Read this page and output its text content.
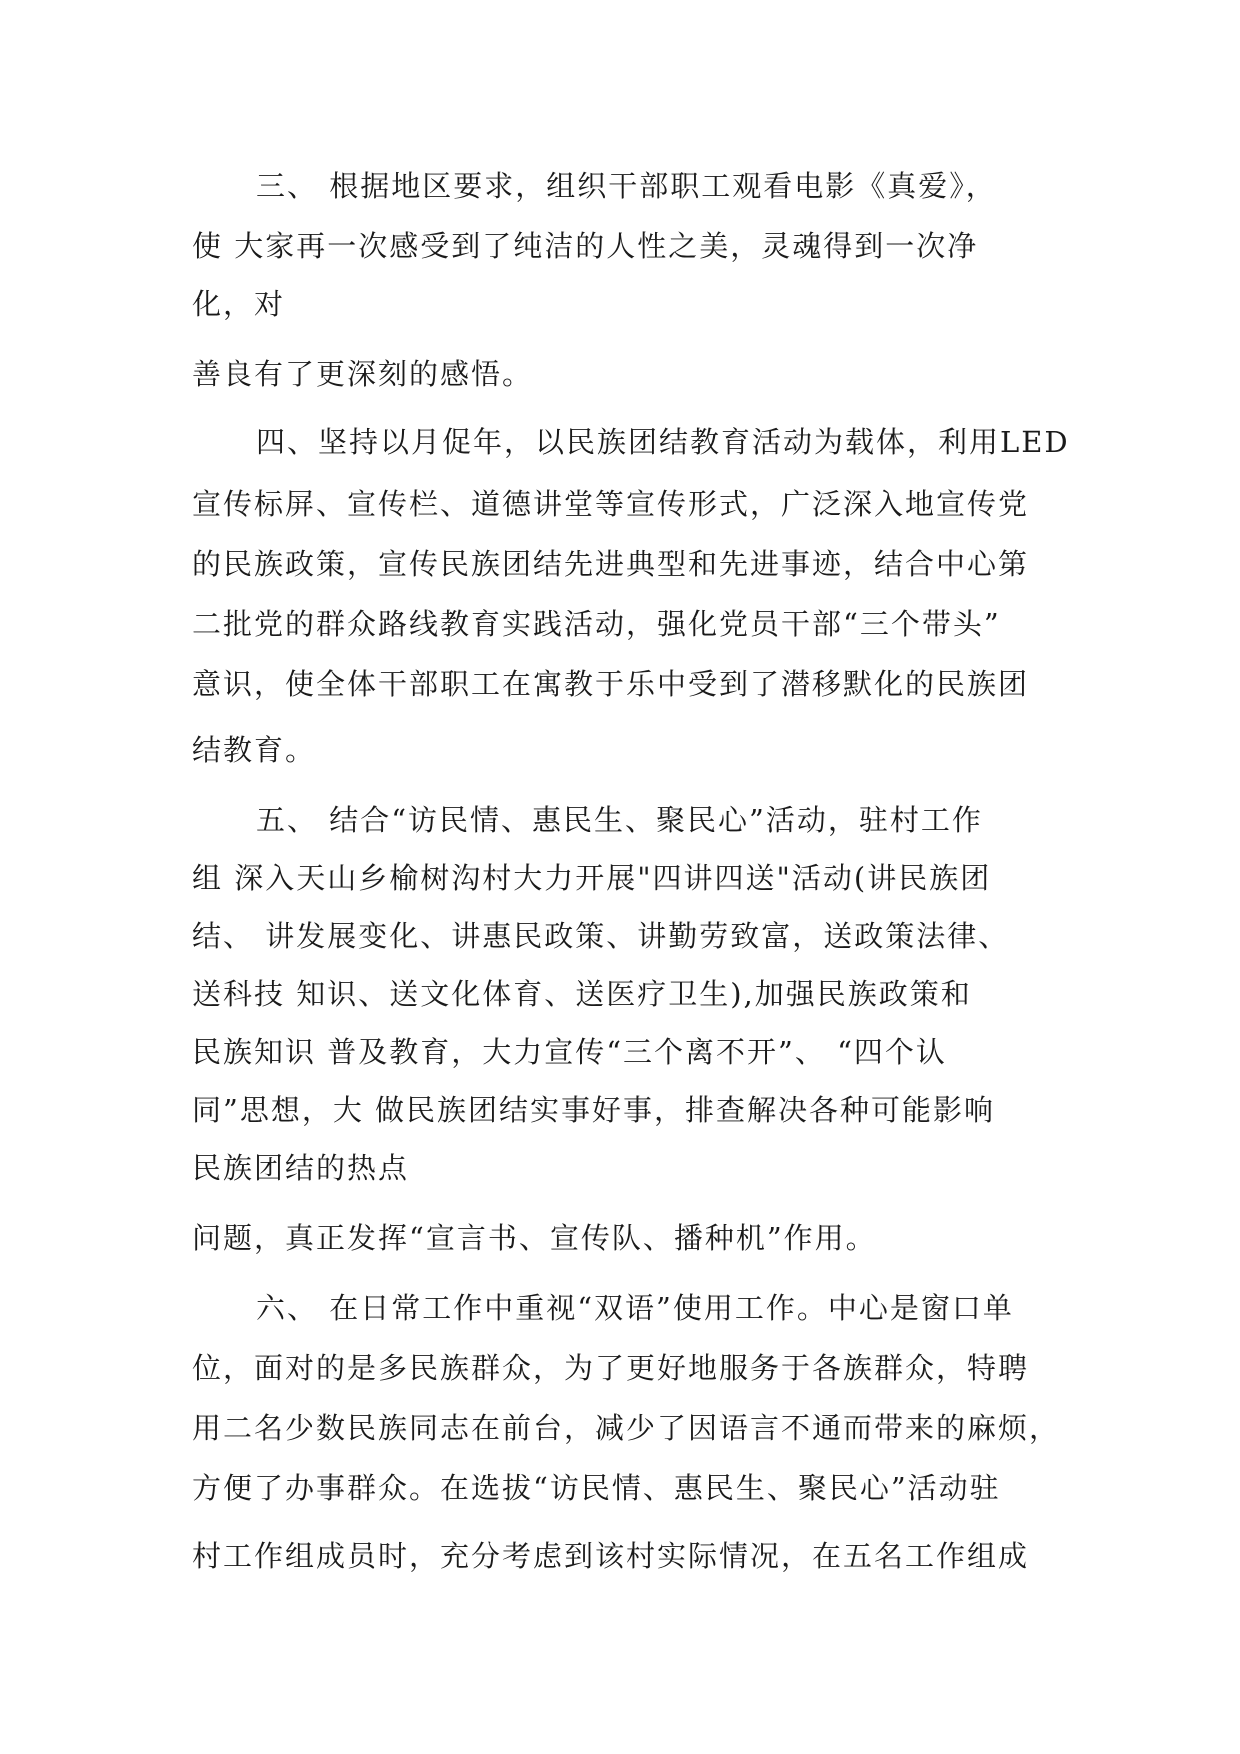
三、 根据地区要求，组织干部职工观看电影《真爱》，
使 大家再一次感受到了纯洁的人性之美，灵魂得到一次净
化，对
善良有了更深刻的感悟。
四、坚持以月促年，以民族团结教育活动为载体，利用LED
宣传标屏、宣传栏、道德讲堂等宣传形式，广泛深入地宣传党
的民族政策，宣传民族团结先进典型和先进事迹，结合中心第
二批党的群众路线教育实践活动，强化党员干部“三个带头”
意识，使全体干部职工在寓教于乐中受到了潜移默化的民族团
结教育。
五、 结合“访民情、惠民生、聚民心”活动，驻村工作
组 深入天山乡榆树沟村大力开展"四讲四送"活动(讲民族团
结、 讲发展变化、讲惠民政策、讲勤劳致富，送政策法律、
送科技 知识、送文化体育、送医疗卫生),加强民族政策和
民族知识 普及教育，大力宣传“三个离不开”、 “四个认
同”思想，大 做民族团结实事好事，排查解决各种可能影响
民族团结的热点
问题，真正发挥“宣言书、宣传队、播种机”作用。
六、 在日常工作中重视“双语”使用工作。中心是窗口单
位，面对的是多民族群众，为了更好地服务于各族群众，特聘
用二名少数民族同志在前台，减少了因语言不通而带来的麻烦，
方便了办事群众。在选拔“访民情、惠民生、聚民心”活动驻
村工作组成员时，充分考虑到该村实际情况，在五名工作组成
